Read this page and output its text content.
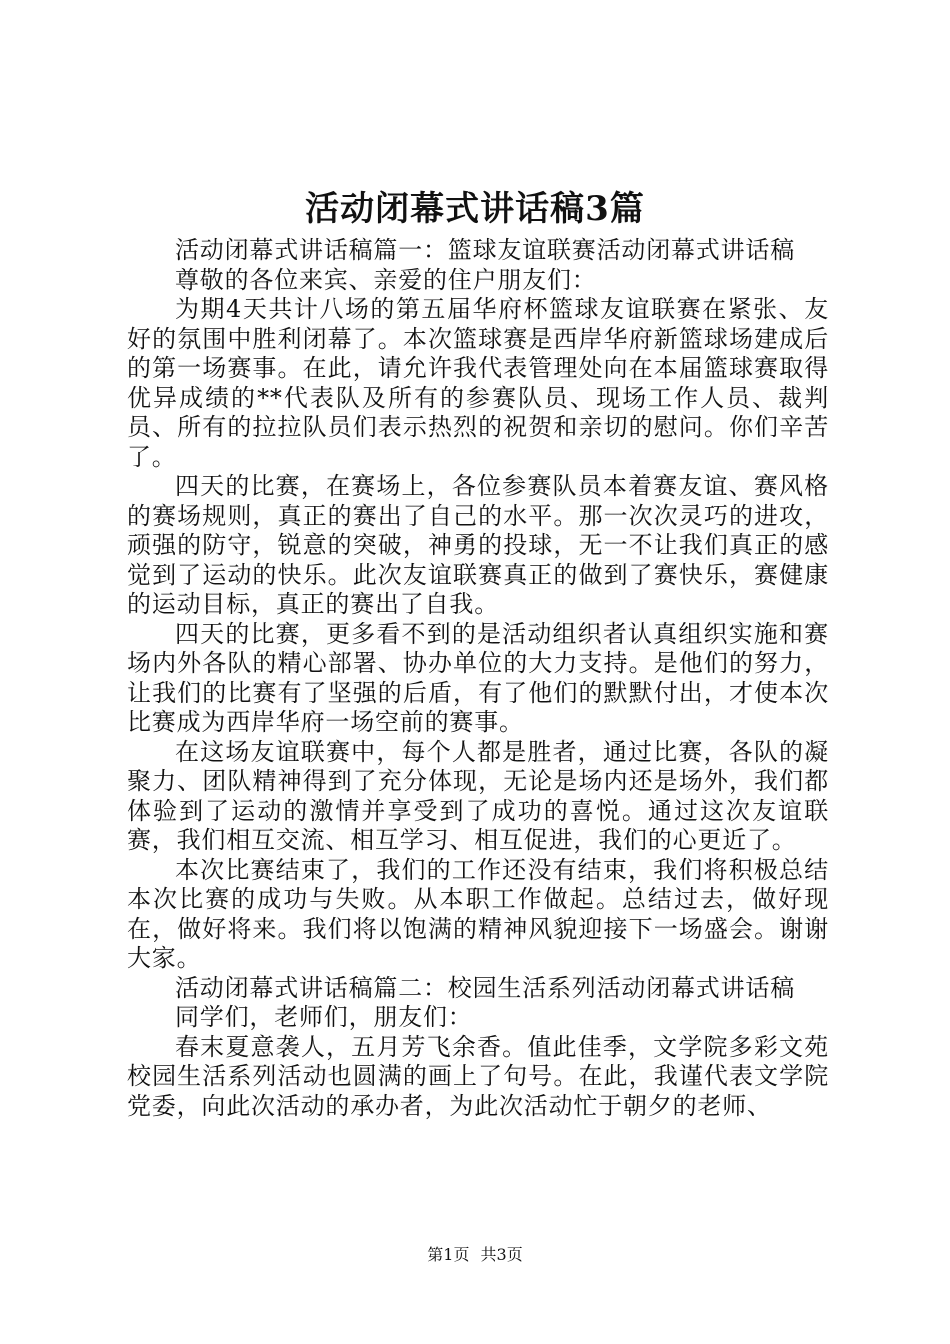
活动闭幕式讲话稿3篇

活动闭幕式讲话稿篇一：篮球友谊联赛活动闭幕式讲话稿

尊敬的各位来宾、亲爱的住户朋友们：

为期4天共计八场的第五届华府杯篮球友谊联赛在紧张、友好的氛围中胜利闭幕了。本次篮球赛是西岸华府新篮球场建成后的第一场赛事。在此，请允许我代表管理处向在本届篮球赛取得优异成绩的**代表队及所有的参赛队员、现场工作人员、裁判员、所有的拉拉队员们表示热烈的祝贺和亲切的慰问。你们辛苦了。

四天的比赛，在赛场上，各位参赛队员本着赛友谊、赛风格的赛场规则，真正的赛出了自己的水平。那一次次灵巧的进攻，顽强的防守，锐意的突破，神勇的投球，无一不让我们真正的感觉到了运动的快乐。此次友谊联赛真正的做到了赛快乐，赛健康的运动目标，真正的赛出了自我。

四天的比赛，更多看不到的是活动组织者认真组织实施和赛场内外各队的精心部署、协办单位的大力支持。是他们的努力，让我们的比赛有了坚强的后盾，有了他们的默默付出，才使本次比赛成为西岸华府一场空前的赛事。

在这场友谊联赛中，每个人都是胜者，通过比赛，各队的凝聚力、团队精神得到了充分体现，无论是场内还是场外，我们都体验到了运动的激情并享受到了成功的喜悦。通过这次友谊联赛，我们相互交流、相互学习、相互促进，我们的心更近了。

本次比赛结束了，我们的工作还没有结束，我们将积极总结本次比赛的成功与失败。从本职工作做起。总结过去，做好现在，做好将来。我们将以饱满的精神风貌迎接下一场盛会。谢谢大家。

活动闭幕式讲话稿篇二：校园生活系列活动闭幕式讲话稿

同学们，老师们，朋友们：

春末夏意袭人，五月芳飞余香。值此佳季，文学院多彩文苑校园生活系列活动也圆满的画上了句号。在此，我谨代表文学院党委，向此次活动的承办者，为此次活动忙于朝夕的老师、

第1页 共3页
